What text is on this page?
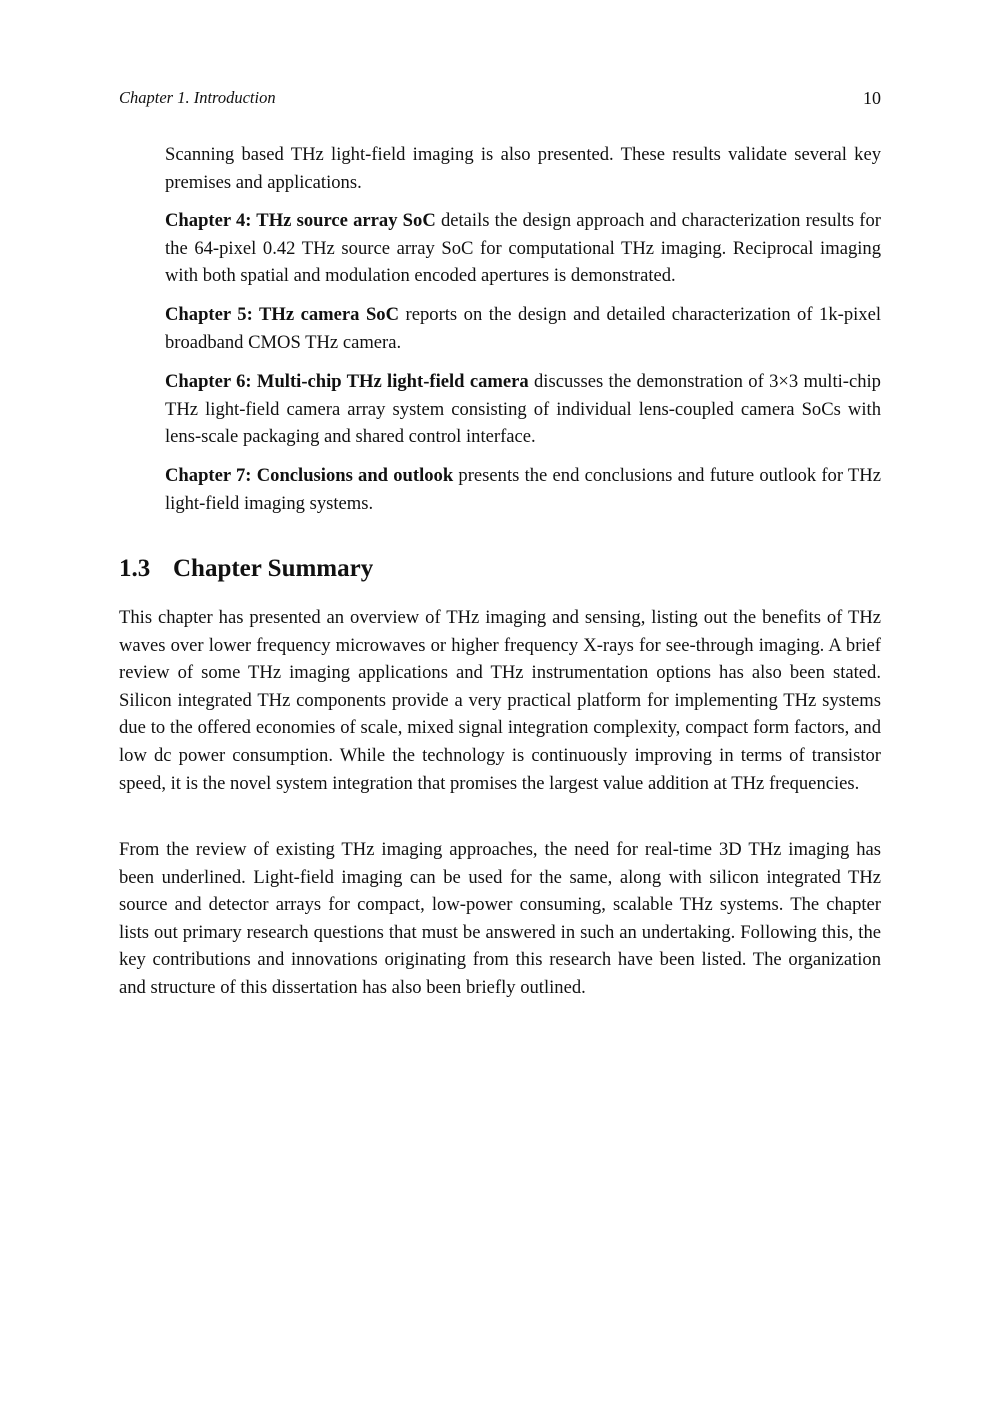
Chapter 1. Introduction	10

Scanning based THz light-field imaging is also presented. These results validate several key premises and applications.

Chapter 4: THz source array SoC details the design approach and characterization results for the 64-pixel 0.42 THz source array SoC for computational THz imaging. Reciprocal imaging with both spatial and modulation encoded apertures is demonstrated.

Chapter 5: THz camera SoC reports on the design and detailed characterization of 1k-pixel broadband CMOS THz camera.

Chapter 6: Multi-chip THz light-field camera discusses the demonstration of 3×3 multi-chip THz light-field camera array system consisting of individual lens-coupled camera SoCs with lens-scale packaging and shared control interface.

Chapter 7: Conclusions and outlook presents the end conclusions and future outlook for THz light-field imaging systems.

1.3 Chapter Summary

This chapter has presented an overview of THz imaging and sensing, listing out the benefits of THz waves over lower frequency microwaves or higher frequency X-rays for see-through imaging. A brief review of some THz imaging applications and THz instrumentation options has also been stated. Silicon integrated THz components provide a very practical platform for implementing THz systems due to the offered economies of scale, mixed signal integration complexity, compact form factors, and low dc power consumption. While the technology is continuously improving in terms of transistor speed, it is the novel system integration that promises the largest value addition at THz frequencies.

From the review of existing THz imaging approaches, the need for real-time 3D THz imaging has been underlined. Light-field imaging can be used for the same, along with silicon integrated THz source and detector arrays for compact, low-power consuming, scalable THz systems. The chapter lists out primary research questions that must be answered in such an undertaking. Following this, the key contributions and innovations originating from this research have been listed. The organization and structure of this dissertation has also been briefly outlined.
